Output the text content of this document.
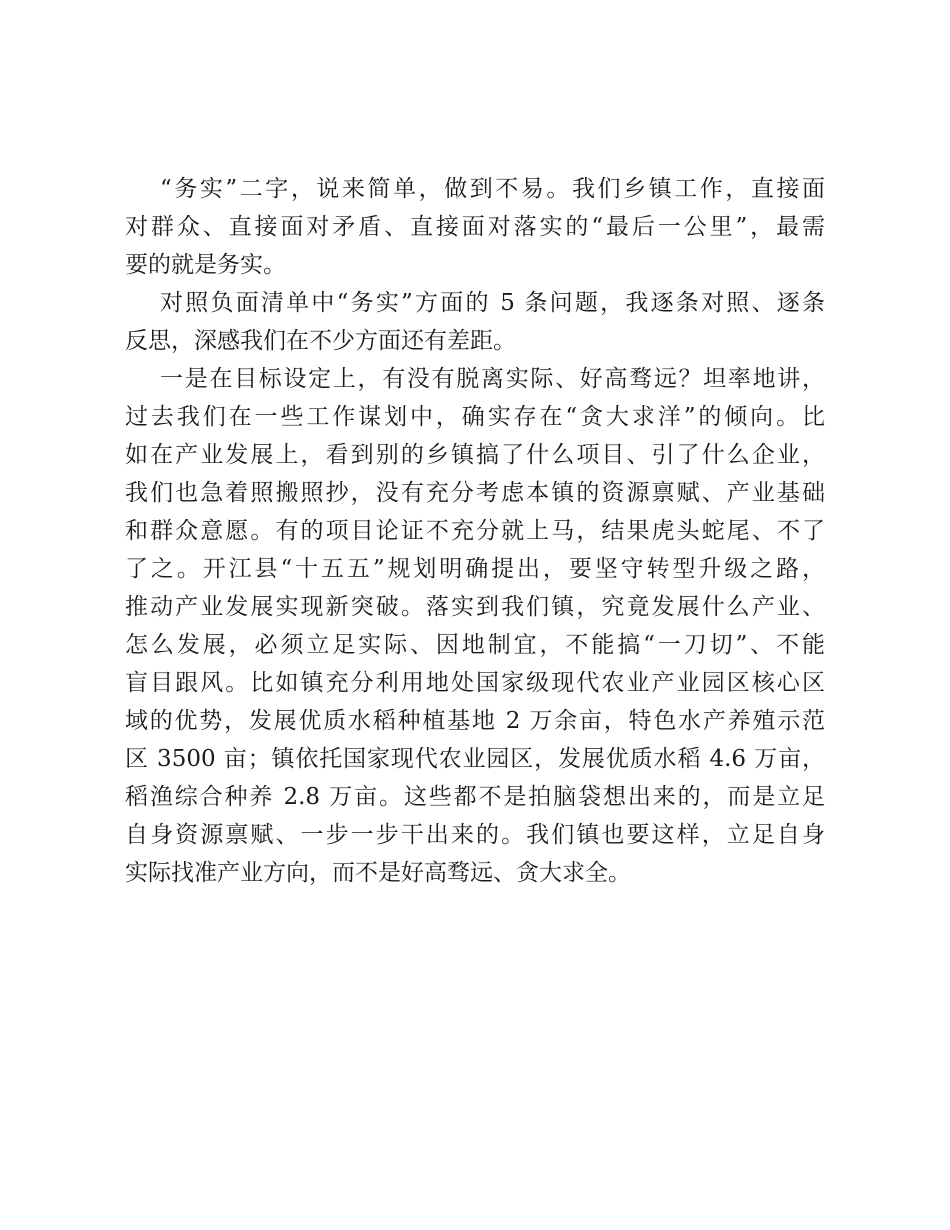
“务实”二字，说来简单，做到不易。我们乡镇工作，直接面
对群众、直接面对矛盾、直接面对落实的“最后一公里”，最需
要的就是务实。
对照负面清单中“务实”方面的 5 条问题，我逐条对照、逐条
反思，深感我们在不少方面还有差距。
一是在目标设定上，有没有脱离实际、好高骛远？坦率地讲，
过去我们在一些工作谋划中，确实存在“贪大求洋”的倾向。比
如在产业发展上，看到别的乡镇搞了什么项目、引了什么企业，
我们也急着照搬照抄，没有充分考虑本镇的资源禀赋、产业基础
和群众意愿。有的项目论证不充分就上马，结果虎头蛇尾、不了
了之。开江县“十五五”规划明确提出，要坚守转型升级之路，
推动产业发展实现新突破。落实到我们镇，究竟发展什么产业、
怎么发展，必须立足实际、因地制宜，不能搞“一刀切”、不能
盲目跟风。比如镇充分利用地处国家级现代农业产业园区核心区
域的优势，发展优质水稻种植基地 2 万余亩，特色水产养殖示范
区 3500 亩；镇依托国家现代农业园区，发展优质水稻 4.6 万亩，
稻渔综合种养 2.8 万亩。这些都不是拍脑袋想出来的，而是立足
自身资源禀赋、一步一步干出来的。我们镇也要这样，立足自身
实际找准产业方向，而不是好高骛远、贪大求全。
